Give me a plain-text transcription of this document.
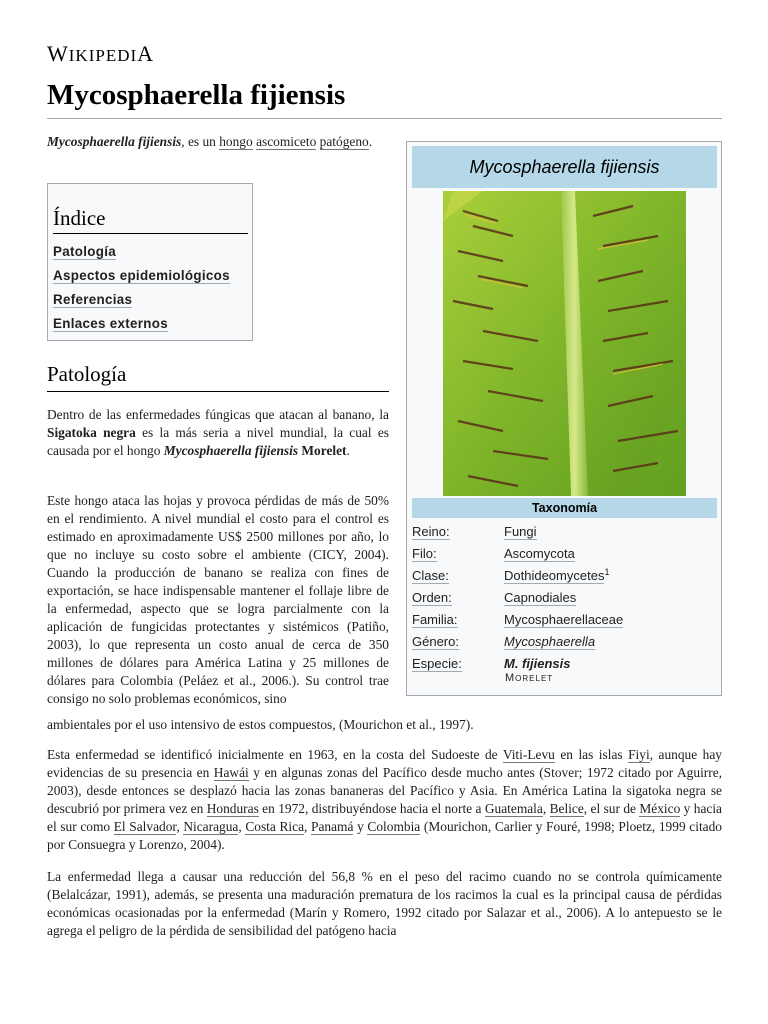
WIKIPEDIA
Mycosphaerella fijiensis

Mycosphaerella fijiensis, es un hongo ascomiceto patógeno.

Índice
Patología
Aspectos epidemiológicos
Referencias
Enlaces externos
Patología

Dentro de las enfermedades fúngicas que atacan al banano, la Sigatoka negra es la más seria a nivel mundial, la cual es causada por el hongo Mycosphaerella fijiensis Morelet.

Este hongo ataca las hojas y provoca pérdidas de más de 50% en el rendimiento. A nivel mundial el costo para el control es estimado en aproximadamente US$ 2500 millones por año, lo que no incluye su costo sobre el ambiente (CICY, 2004). Cuando la producción de banano se realiza con fines de exportación, se hace indispensable mantener el follaje libre de la enfermedad, aspecto que se logra parcialmente con la aplicación de fungicidas protectantes y sistémicos (Patiño, 2003), lo que representa un costo anual de cerca de 350 millones de dólares para América Latina y 25 millones de dólares para Colombia (Peláez et al., 2006.). Su control trae consigo no solo problemas económicos, sino

ambientales por el uso intensivo de estos compuestos, (Mourichon et al., 1997).

Esta enfermedad se identificó inicialmente en 1963, en la costa del Sudoeste de Viti-Levu en las islas Fiyi, aunque hay evidencias de su presencia en Hawái y en algunas zonas del Pacífico desde mucho antes (Stover; 1972 citado por Aguirre, 2003), desde entonces se desplazó hacia las zonas bananeras del Pacífico y Asia. En América Latina la sigatoka negra se descubrió por primera vez en Honduras en 1972, distribuyéndose hacia el norte a Guatemala, Belice, el sur de México y hacia el sur como El Salvador, Nicaragua, Costa Rica, Panamá y Colombia (Mourichon, Carlier y Fouré, 1998; Ploetz, 1999 citado por Consuegra y Lorenzo, 2004).

La enfermedad llega a causar una reducción del 56,8 % en el peso del racimo cuando no se controla químicamente (Belalcázar, 1991), además, se presenta una maduración prematura de los racimos la cual es la principal causa de pérdidas económicas ocasionadas por la enfermedad (Marín y Romero, 1992 citado por Salazar et al., 2006). A lo antepuesto se le agrega el peligro de la pérdida de sensibilidad del patógeno hacia

Mycosphaerella fijiensis
Taxonomía
Reino:	Fungi
Filo:	Ascomycota
Clase:	Dothideomycetes$^1$
Orden:	Capnodiales
Familia:	Mycosphaerellaceae
Género:	Mycosphaerella
Especie:	M. fijiensis
Morelet
